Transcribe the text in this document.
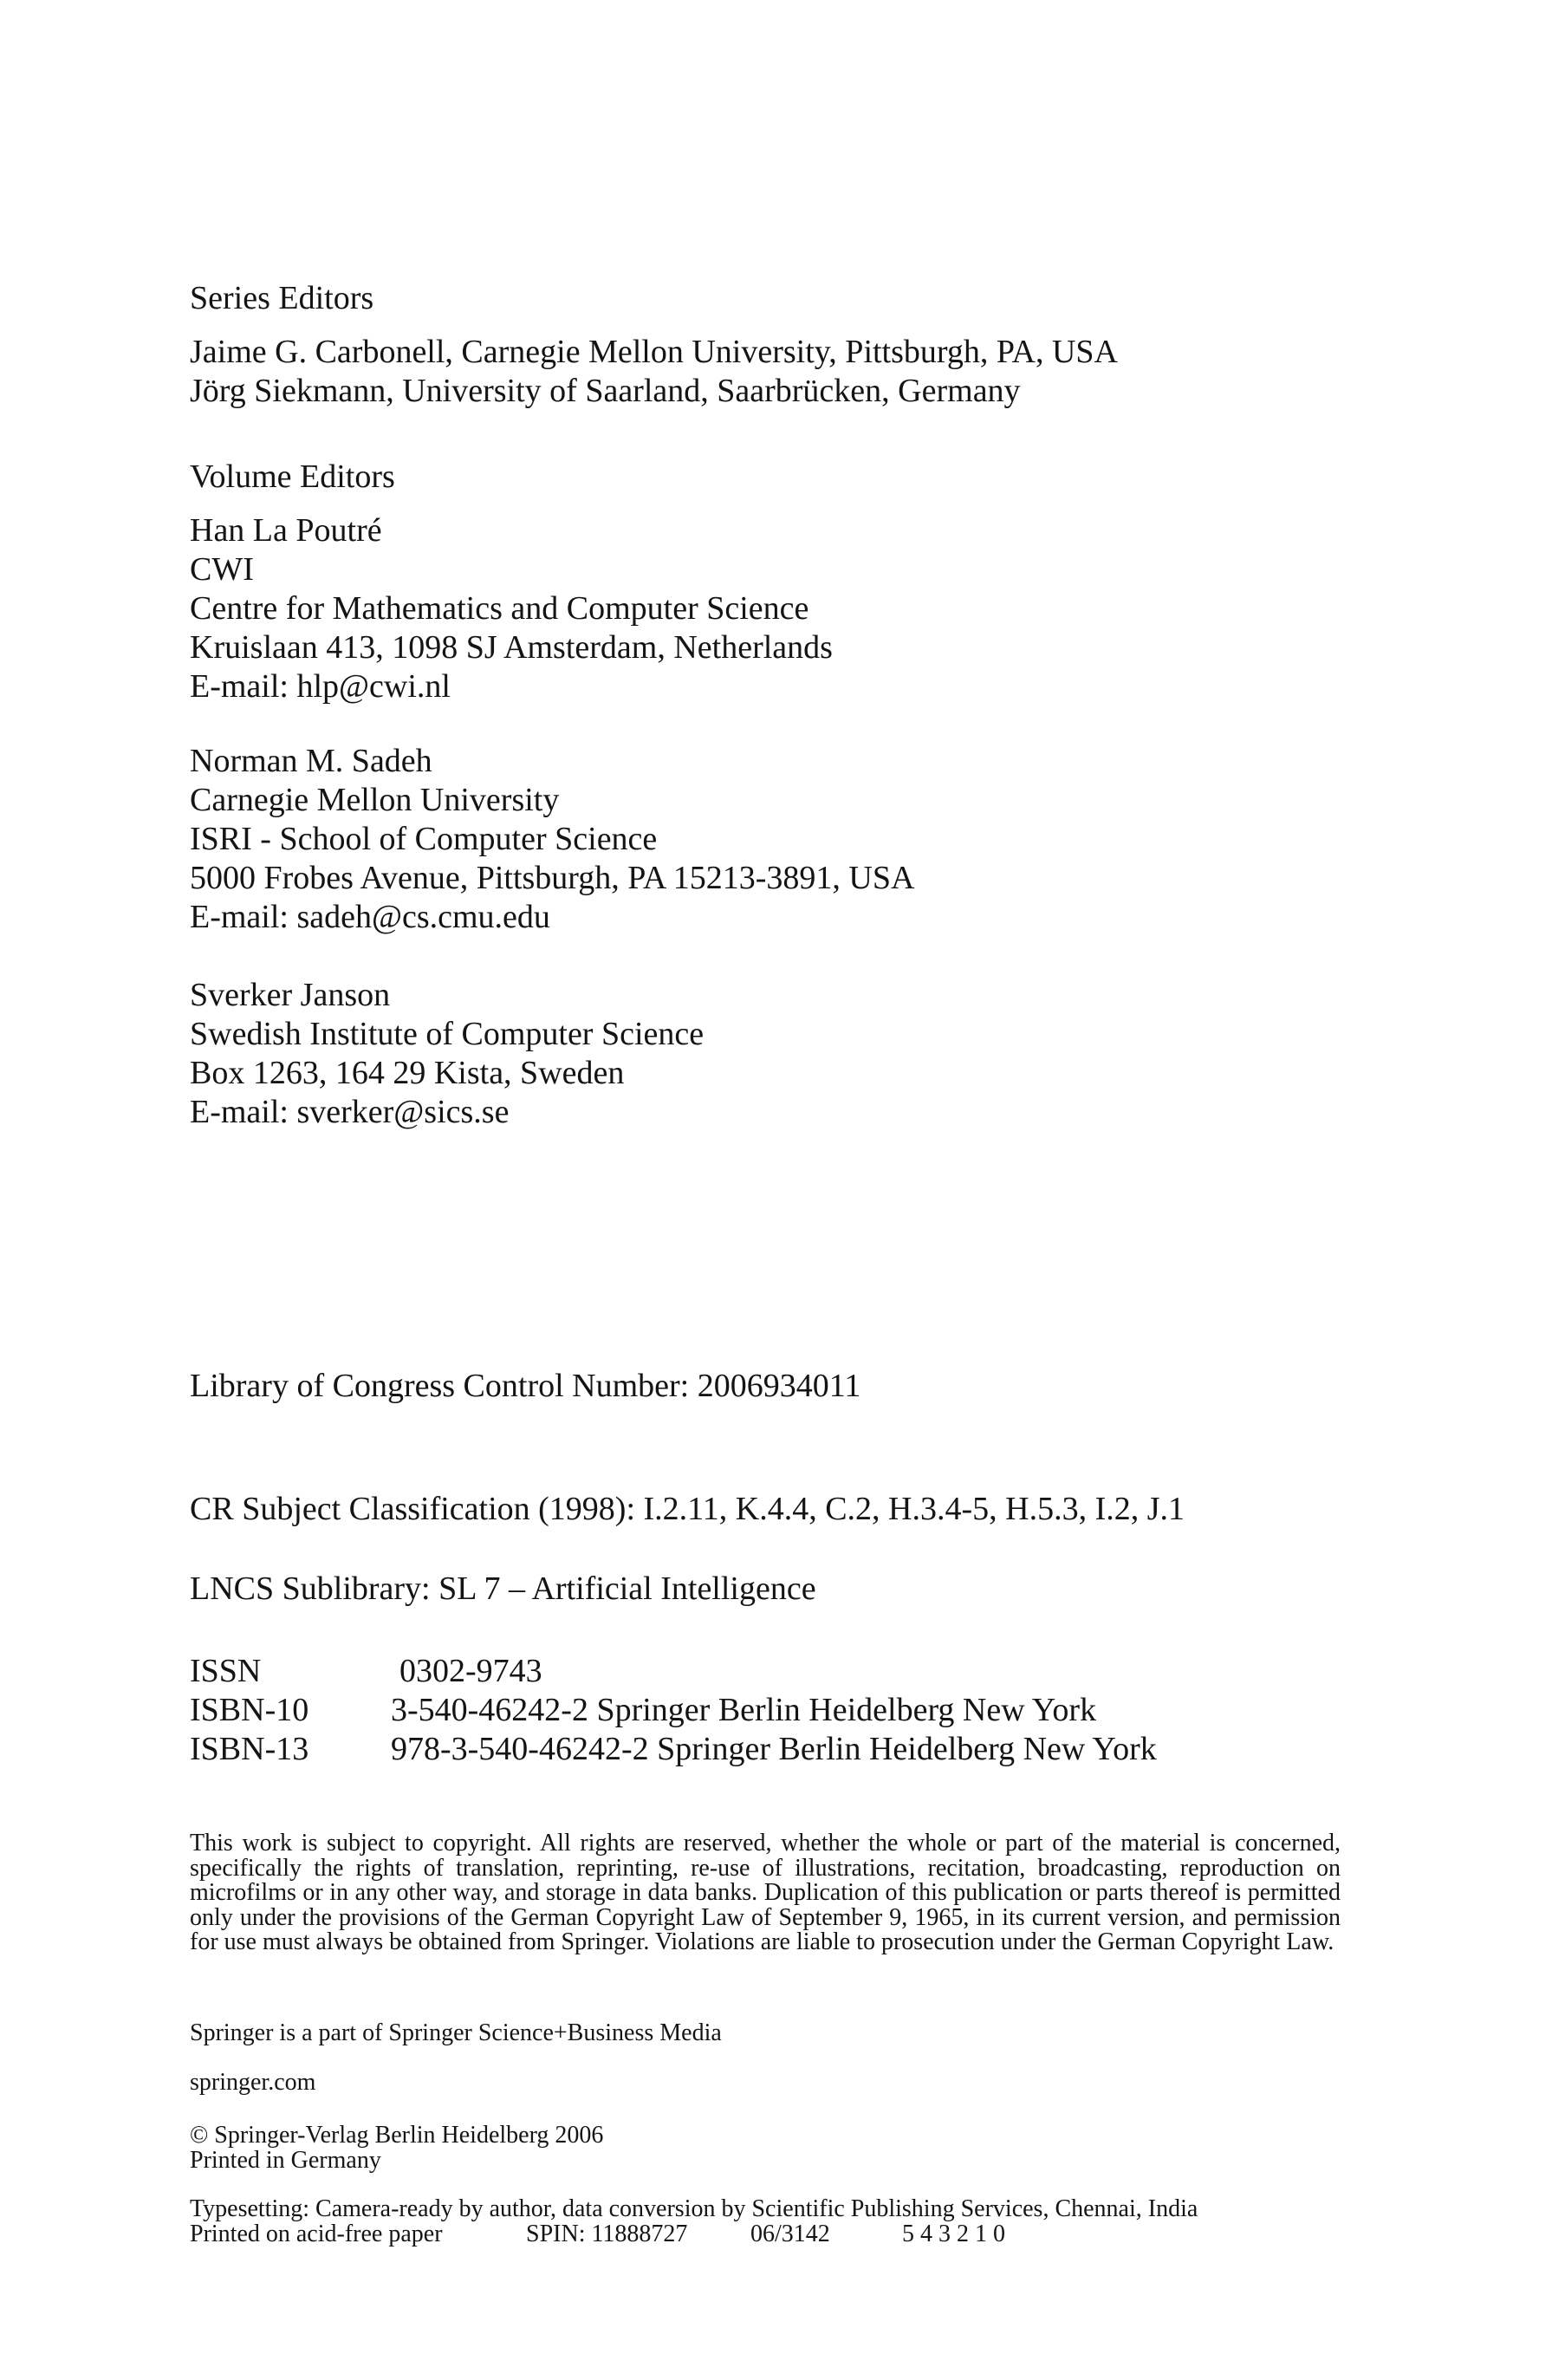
Series Editors
Jaime G. Carbonell, Carnegie Mellon University, Pittsburgh, PA, USA
Jörg Siekmann, University of Saarland, Saarbrücken, Germany
Volume Editors
Han La Poutré
CWI
Centre for Mathematics and Computer Science
Kruislaan 413, 1098 SJ Amsterdam, Netherlands
E-mail: hlp@cwi.nl
Norman M. Sadeh
Carnegie Mellon University
ISRI - School of Computer Science
5000 Frobes Avenue, Pittsburgh, PA 15213-3891, USA
E-mail: sadeh@cs.cmu.edu
Sverker Janson
Swedish Institute of Computer Science
Box 1263, 164 29 Kista, Sweden
E-mail: sverker@sics.se
Library of Congress Control Number: 2006934011
CR Subject Classification (1998): I.2.11, K.4.4, C.2, H.3.4-5, H.5.3, I.2, J.1
LNCS Sublibrary: SL 7 – Artificial Intelligence
ISSN	0302-9743
ISBN-10	3-540-46242-2 Springer Berlin Heidelberg New York
ISBN-13	978-3-540-46242-2 Springer Berlin Heidelberg New York

This work is subject to copyright. All rights are reserved, whether the whole or part of the material is concerned, specifically the rights of translation, reprinting, re-use of illustrations, recitation, broadcasting, reproduction on microfilms or in any other way, and storage in data banks. Duplication of this publication or parts thereof is permitted only under the provisions of the German Copyright Law of September 9, 1965, in its current version, and permission for use must always be obtained from Springer. Violations are liable to prosecution under the German Copyright Law.

Springer is a part of Springer Science+Business Media
springer.com
© Springer-Verlag Berlin Heidelberg 2006
Printed in Germany
Typesetting: Camera-ready by author, data conversion by Scientific Publishing Services, Chennai, India
Printed on acid-free paper	SPIN: 11888727	06/3142	5 4 3 2 1 0
